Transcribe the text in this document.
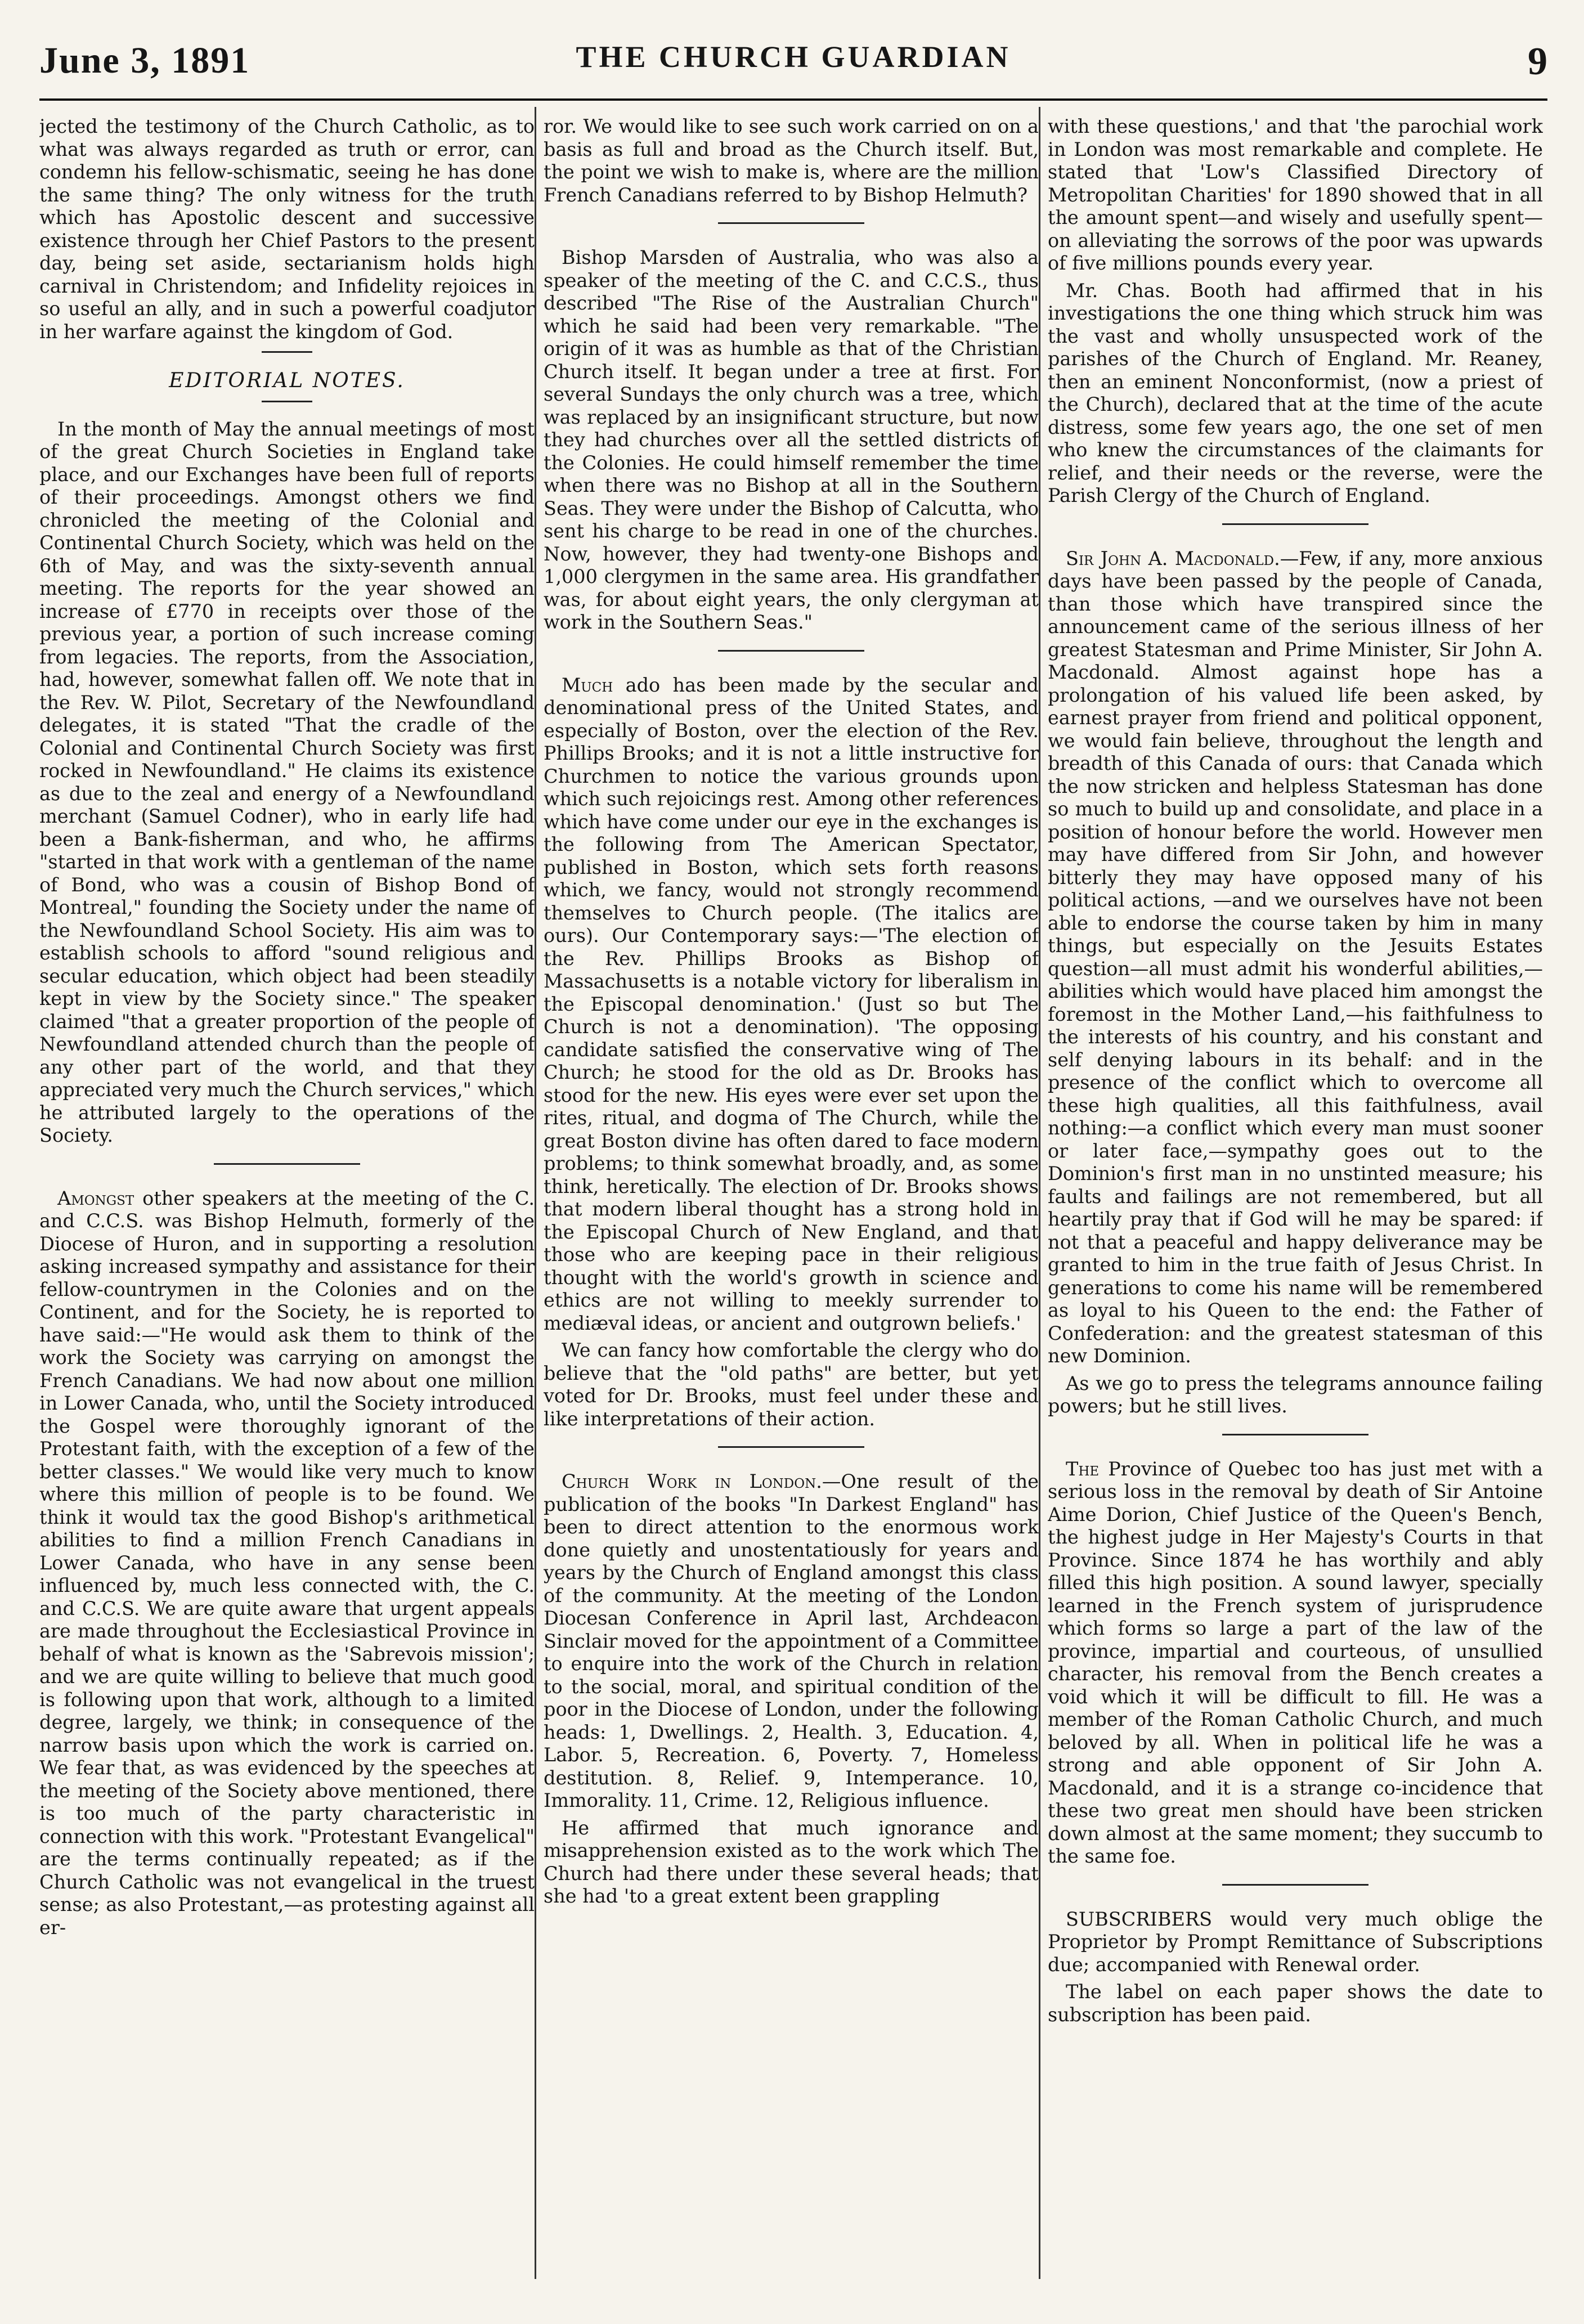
June 3, 1891	THE CHURCH GUARDIAN	9

jected the testimony of the Church Catholic, as to what was always regarded as truth or error, can condemn his fellow-schismatic, seeing he has done the same thing? The only witness for the truth which has Apostolic descent and successive existence through her Chief Pastors to the present day, being set aside, sectarianism holds high carnival in Christendom; and Infidelity rejoices in so useful an ally, and in such a powerful coadjutor in her warfare against the kingdom of God.

EDITORIAL NOTES.

In the month of May the annual meetings of most of the great Church Societies in England take place, and our Exchanges have been full of reports of their proceedings. Amongst others we find chronicled the meeting of the Colonial and Continental Church Society, which was held on the 6th of May, and was the sixty-seventh annual meeting. The reports for the year showed an increase of £770 in receipts over those of the previous year, a portion of such increase coming from legacies. The reports, from the Association, had, however, somewhat fallen off. We note that in the Rev. W. Pilot, Secretary of the Newfoundland delegates, it is stated "That the cradle of the Colonial and Continental Church Society was first rocked in Newfoundland." He claims its existence as due to the zeal and energy of a Newfoundland merchant (Samuel Codner), who in early life had been a Bank-fisherman, and who, he affirms "started in that work with a gentleman of the name of Bond, who was a cousin of Bishop Bond of Montreal," founding the Society under the name of the Newfoundland School Society. His aim was to establish schools to afford "sound religious and secular education, which object had been steadily kept in view by the Society since." The speaker claimed "that a greater proportion of the people of Newfoundland attended church than the people of any other part of the world, and that they appreciated very much the Church services," which he attributed largely to the operations of the Society.

Amongst other speakers at the meeting of the C. and C.C.S. was Bishop Helmuth, formerly of the Diocese of Huron, and in supporting a resolution asking increased sympathy and assistance for their fellow-countrymen in the Colonies and on the Continent, and for the Society, he is reported to have said:—"He would ask them to think of the work the Society was carrying on amongst the French Canadians. We had now about one million in Lower Canada, who, until the Society introduced the Gospel were thoroughly ignorant of the Protestant faith, with the exception of a few of the better classes." We would like very much to know where this million of people is to be found. We think it would tax the good Bishop's arithmetical abilities to find a million French Canadians in Lower Canada, who have in any sense been influenced by, much less connected with, the C. and C.C.S. We are quite aware that urgent appeals are made throughout the Ecclesiastical Province in behalf of what is known as the 'Sabrevois mission'; and we are quite willing to believe that much good is following upon that work, although to a limited degree, largely, we think; in consequence of the narrow basis upon which the work is carried on. We fear that, as was evidenced by the speeches at the meeting of the Society above mentioned, there is too much of the party characteristic in connection with this work. "Protestant Evangelical" are the terms continually repeated; as if the Church Catholic was not evangelical in the truest sense; as also Protestant,—as protesting against all er-

ror. We would like to see such work carried on on a basis as full and broad as the Church itself. But, the point we wish to make is, where are the million French Canadians referred to by Bishop Helmuth?

Bishop Marsden of Australia, who was also a speaker of the meeting of the C. and C.C.S., thus described "The Rise of the Australian Church" which he said had been very remarkable. "The origin of it was as humble as that of the Christian Church itself. It began under a tree at first. For several Sundays the only church was a tree, which was replaced by an insignificant structure, but now they had churches over all the settled districts of the Colonies. He could himself remember the time when there was no Bishop at all in the Southern Seas. They were under the Bishop of Calcutta, who sent his charge to be read in one of the churches. Now, however, they had twenty-one Bishops and 1,000 clergymen in the same area. His grandfather was, for about eight years, the only clergyman at work in the Southern Seas."

Much ado has been made by the secular and denominational press of the United States, and especially of Boston, over the election of the Rev. Phillips Brooks; and it is not a little instructive for Churchmen to notice the various grounds upon which such rejoicings rest. Among other references which have come under our eye in the exchanges is the following from The American Spectator, published in Boston, which sets forth reasons which, we fancy, would not strongly recommend themselves to Church people. (The italics are ours). Our Contemporary says:—'The election of the Rev. Phillips Brooks as Bishop of Massachusetts is a notable victory for liberalism in the Episcopal denomination.' (Just so but The Church is not a denomination). 'The opposing candidate satisfied the conservative wing of The Church; he stood for the old as Dr. Brooks has stood for the new. His eyes were ever set upon the rites, ritual, and dogma of The Church, while the great Boston divine has often dared to face modern problems; to think somewhat broadly, and, as some think, heretically. The election of Dr. Brooks shows that modern liberal thought has a strong hold in the Episcopal Church of New England, and that those who are keeping pace in their religious thought with the world's growth in science and ethics are not willing to meekly surrender to mediæval ideas, or ancient and outgrown beliefs.'

We can fancy how comfortable the clergy who do believe that the "old paths" are better, but yet voted for Dr. Brooks, must feel under these and like interpretations of their action.

Church Work in London.—One result of the publication of the books "In Darkest England" has been to direct attention to the enormous work done quietly and unostentatiously for years and years by the Church of England amongst this class of the community. At the meeting of the London Diocesan Conference in April last, Archdeacon Sinclair moved for the appointment of a Committee to enquire into the work of the Church in relation to the social, moral, and spiritual condition of the poor in the Diocese of London, under the following heads: 1, Dwellings. 2, Health. 3, Education. 4, Labor. 5, Recreation. 6, Poverty. 7, Homeless destitution. 8, Relief. 9, Intemperance. 10, Immorality. 11, Crime. 12, Religious influence.

He affirmed that much ignorance and misapprehension existed as to the work which The Church had there under these several heads; that she had 'to a great extent been grappling

with these questions,' and that 'the parochial work in London was most remarkable and complete. He stated that 'Low's Classified Directory of Metropolitan Charities' for 1890 showed that in all the amount spent—and wisely and usefully spent—on alleviating the sorrows of the poor was upwards of five millions pounds every year.

Mr. Chas. Booth had affirmed that in his investigations the one thing which struck him was the vast and wholly unsuspected work of the parishes of the Church of England. Mr. Reaney, then an eminent Nonconformist, (now a priest of the Church), declared that at the time of the acute distress, some few years ago, the one set of men who knew the circumstances of the claimants for relief, and their needs or the reverse, were the Parish Clergy of the Church of England.

Sir John A. Macdonald.—Few, if any, more anxious days have been passed by the people of Canada, than those which have transpired since the announcement came of the serious illness of her greatest Statesman and Prime Minister, Sir John A. Macdonald. Almost against hope has a prolongation of his valued life been asked, by earnest prayer from friend and political opponent, we would fain believe, throughout the length and breadth of this Canada of ours: that Canada which the now stricken and helpless Statesman has done so much to build up and consolidate, and place in a position of honour before the world. However men may have differed from Sir John, and however bitterly they may have opposed many of his political actions, —and we ourselves have not been able to endorse the course taken by him in many things, but especially on the Jesuits Estates question—all must admit his wonderful abilities,—abilities which would have placed him amongst the foremost in the Mother Land,—his faithfulness to the interests of his country, and his constant and self denying labours in its behalf: and in the presence of the conflict which to overcome all these high qualities, all this faithfulness, avail nothing:—a conflict which every man must sooner or later face,—sympathy goes out to the Dominion's first man in no unstinted measure; his faults and failings are not remembered, but all heartily pray that if God will he may be spared: if not that a peaceful and happy deliverance may be granted to him in the true faith of Jesus Christ. In generations to come his name will be remembered as loyal to his Queen to the end: the Father of Confederation: and the greatest statesman of this new Dominion.

As we go to press the telegrams announce failing powers; but he still lives.

The Province of Quebec too has just met with a serious loss in the removal by death of Sir Antoine Aime Dorion, Chief Justice of the Queen's Bench, the highest judge in Her Majesty's Courts in that Province. Since 1874 he has worthily and ably filled this high position. A sound lawyer, specially learned in the French system of jurisprudence which forms so large a part of the law of the province, impartial and courteous, of unsullied character, his removal from the Bench creates a void which it will be difficult to fill. He was a member of the Roman Catholic Church, and much beloved by all. When in political life he was a strong and able opponent of Sir John A. Macdonald, and it is a strange co-incidence that these two great men should have been stricken down almost at the same moment; they succumb to the same foe.

SUBSCRIBERS would very much oblige the Proprietor by Prompt Remittance of Subscriptions due; accompanied with Renewal order.

The label on each paper shows the date to subscription has been paid.
